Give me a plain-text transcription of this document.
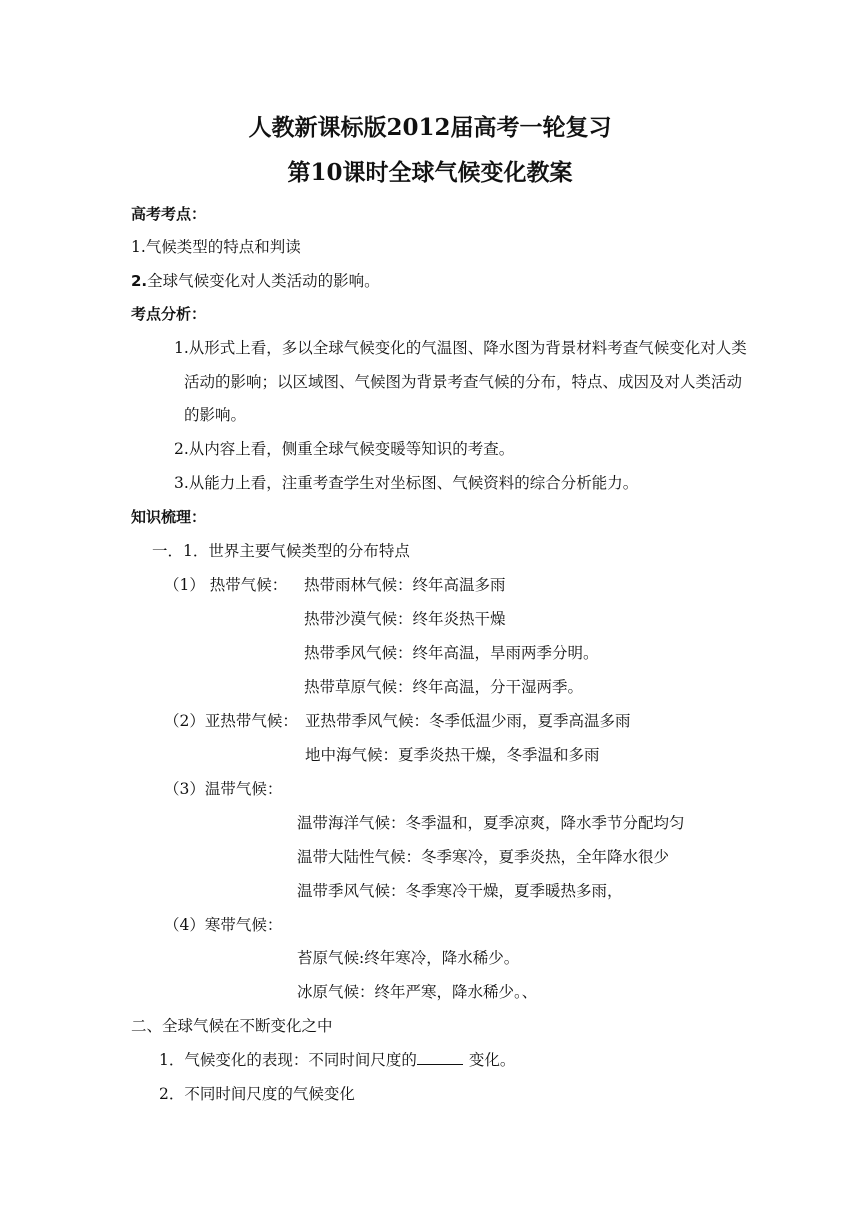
人教新课标版2012届高考一轮复习
第10课时全球气候变化教案
高考考点：
1.气候类型的特点和判读
2.全球气候变化对人类活动的影响。
考点分析：
1.从形式上看，多以全球气候变化的气温图、降水图为背景材料考查气候变化对人类
活动的影响；以区域图、气候图为背景考查气候的分布，特点、成因及对人类活动
的影响。
2.从内容上看，侧重全球气候变暖等知识的考查。
3.从能力上看，注重考查学生对坐标图、气候资料的综合分析能力。
知识梳理：
一．1．世界主要气候类型的分布特点
（1） 热带气候： 热带雨林气候：终年高温多雨
热带沙漠气候：终年炎热干燥
热带季风气候：终年高温，旱雨两季分明。
热带草原气候：终年高温，分干湿两季。
（2）亚热带气候： 亚热带季风气候：冬季低温少雨，夏季高温多雨
地中海气候：夏季炎热干燥，冬季温和多雨
（3）温带气候：
温带海洋气候：冬季温和，夏季凉爽，降水季节分配均匀
温带大陆性气候：冬季寒冷，夏季炎热，全年降水很少
温带季风气候：冬季寒冷干燥，夏季暖热多雨，
（4）寒带气候：
苔原气候:终年寒冷，降水稀少。
冰原气候：终年严寒，降水稀少。、
二、全球气候在不断变化之中
1．气候变化的表现：不同时间尺度的	变化。
2．不同时间尺度的气候变化
